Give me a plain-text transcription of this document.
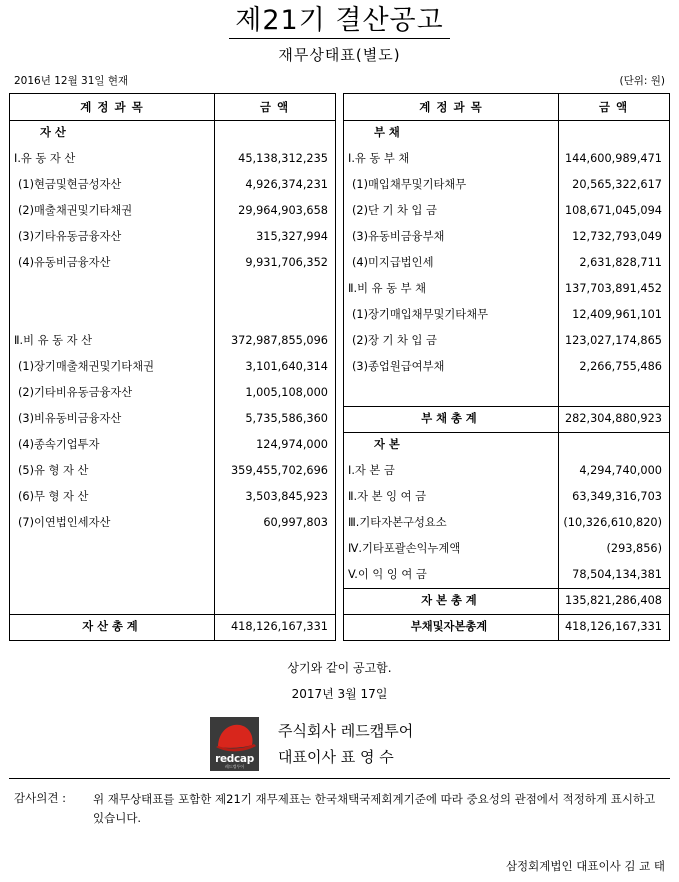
제21기 결산공고
재무상태표(별도)
2016년 12월 31일 현재	(단위: 원)
계 정 과 목	금 액
자 산
Ⅰ.유 동 자 산	45,138,312,235
(1)현금및현금성자산	4,926,374,231
(2)매출채권및기타채권	29,964,903,658
(3)기타유동금융자산	315,327,994
(4)유동비금융자산	9,931,706,352
Ⅱ.비 유 동 자 산	372,987,855,096
(1)장기매출채권및기타채권	3,101,640,314
(2)기타비유동금융자산	1,005,108,000
(3)비유동비금융자산	5,735,586,360
(4)종속기업투자	124,974,000
(5)유 형 자 산	359,455,702,696
(6)무 형 자 산	3,503,845,923
(7)이연법인세자산	60,997,803
자 산 총 계	418,126,167,331
계 정 과 목	금 액
부 채
Ⅰ.유 동 부 채	144,600,989,471
(1)매입채무및기타채무	20,565,322,617
(2)단 기 차 입 금	108,671,045,094
(3)유동비금융부채	12,732,793,049
(4)미지급법인세	2,631,828,711
Ⅱ.비 유 동 부 채	137,703,891,452
(1)장기매입채무및기타채무	12,409,961,101
(2)장 기 차 입 금	123,027,174,865
(3)종업원급여부채	2,266,755,486
부 채 총 계	282,304,880,923
자 본
Ⅰ.자 본 금	4,294,740,000
Ⅱ.자 본 잉 여 금	63,349,316,703
Ⅲ.기타자본구성요소	(10,326,610,820)
Ⅳ.기타포괄손익누계액	(293,856)
V.이 익 잉 여 금	78,504,134,381
자 본 총 계	135,821,286,408
부채및자본총계	418,126,167,331
상기와 같이 공고함.
2017년 3월 17일
redcap
레드캡투어
주식회사 레드캡투어
대표이사 표 영 수
감사의견 : 위 재무상태표를 포함한 제21기 재무제표는 한국채택국제회계기준에 따라 중요성의 관점에서 적정하게 표시하고 있습니다.
삼정회계법인 대표이사 김 교 태
